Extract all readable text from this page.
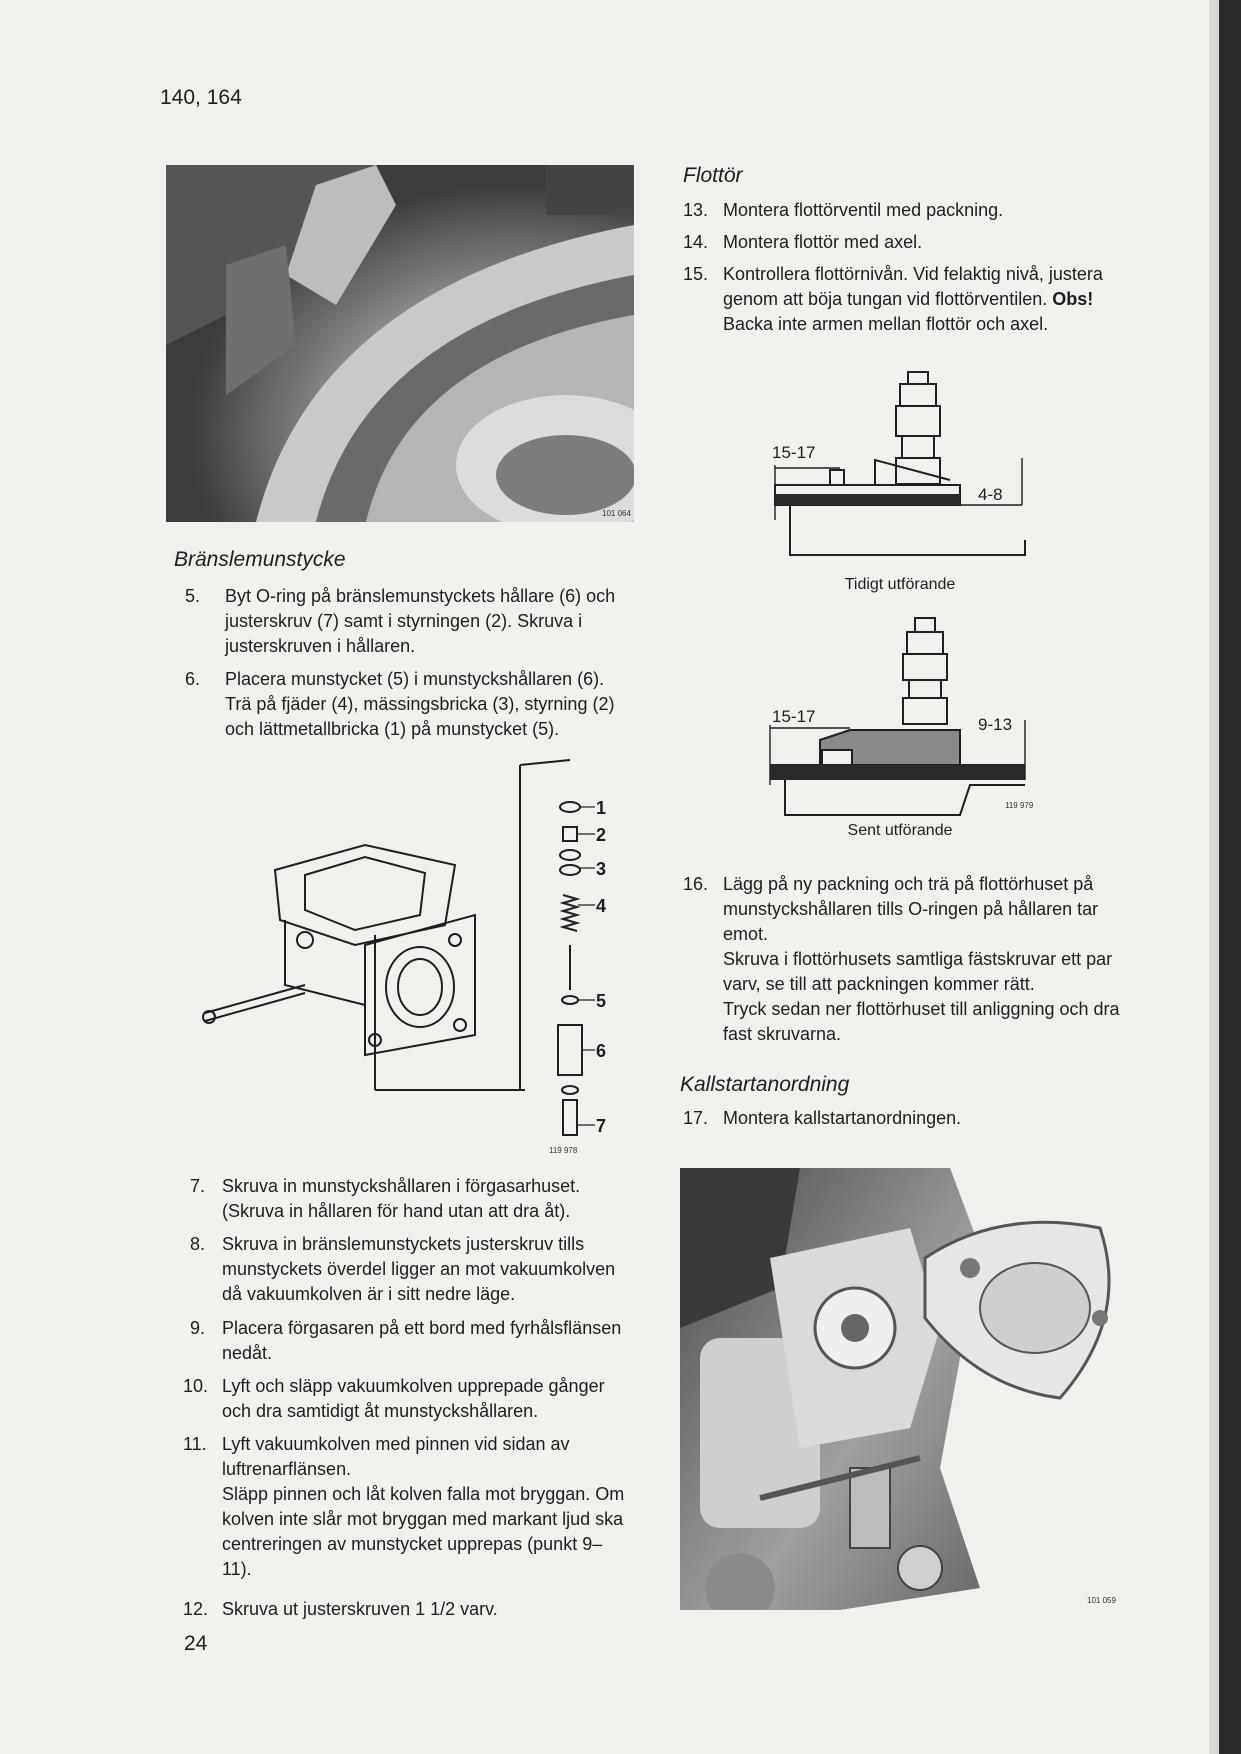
140, 164
101 064
Flottör
13. Montera flottörventil med packning.
14. Montera flottör med axel.
15. Kontrollera flottörnivån. Vid felaktig nivå, justera genom att böja tungan vid flottörventilen. Obs! Backa inte armen mellan flottör och axel.
15-17
4-8
Tidigt utförande
15-17	9-13
119 979
Sent utförande
16. Lägg på ny packning och trä på flottörhuset på munstyckshållaren tills O-ringen på hållaren tar emot.
Skruva i flottörhusets samtliga fästskruvar ett par varv, se till att packningen kommer rätt.
Tryck sedan ner flottörhuset till anliggning och dra fast skruvarna.
Kallstartanordning
17. Montera kallstartanordningen.
101 059
Bränslemunstycke
5. Byt O-ring på bränslemunstyckets hållare (6) och justerskruv (7) samt i styrningen (2). Skruva i justerskruven i hållaren.
6. Placera munstycket (5) i munstyckshållaren (6). Trä på fjäder (4), mässingsbricka (3), styrning (2) och lättmetallbricka (1) på munstycket (5).
1
2
3
4
5
6
7
119 978
7. Skruva in munstyckshållaren i förgasarhuset. (Skruva in hållaren för hand utan att dra åt).
8. Skruva in bränslemunstyckets justerskruv tills munstyckets överdel ligger an mot vakuumkolven då vakuumkolven är i sitt nedre läge.
9. Placera förgasaren på ett bord med fyrhålsflänsen nedåt.
10. Lyft och släpp vakuumkolven upprepade gånger och dra samtidigt åt munstyckshållaren.
11. Lyft vakuumkolven med pinnen vid sidan av luftrenarflänsen.
Släpp pinnen och låt kolven falla mot bryggan. Om kolven inte slår mot bryggan med markant ljud ska centreringen av munstycket upprepas (punkt 9–11).
12. Skruva ut justerskruven 1 1/2 varv.
24
